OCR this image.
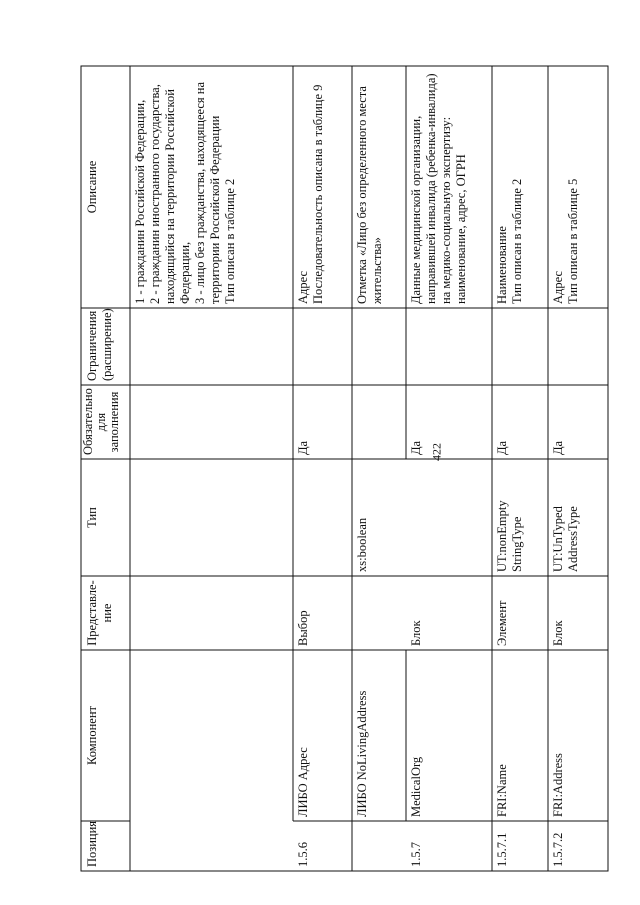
422
Позиция
Компонент
Представле-
ние
Тип
Обязательно
для
заполнения
Ограничения
(расширение)
Описание
1 - гражданин Российской Федерации,
2 - гражданин иностранного государства, находящийся на территории Российской Федерации,
3 - лицо без гражданства, находящееся на территории Российской Федерации
Тип описан в таблице 2
1.5.6
ЛИБО Адрес
Выбор
Да
Адрес
Последовательность описана в таблице 9
ЛИБО NoLivingAddress
xs:boolean
Отметка «Лицо без определенного места жительства»
1.5.7
MedicalOrg
Блок
Да
Данные медицинской организации, направившей инвалида (ребенка-инвалида) на медико-социальную экспертизу: наименование, адрес, ОГРН
1.5.7.1
FRI:Name
Элемент
UT:nonEmpty StringType
Да
Наименование
Тип описан в таблице 2
1.5.7.2
FRI:Address
Блок
UT:UnTyped AddressType
Да
Адрес
Тип описан в таблице 5
